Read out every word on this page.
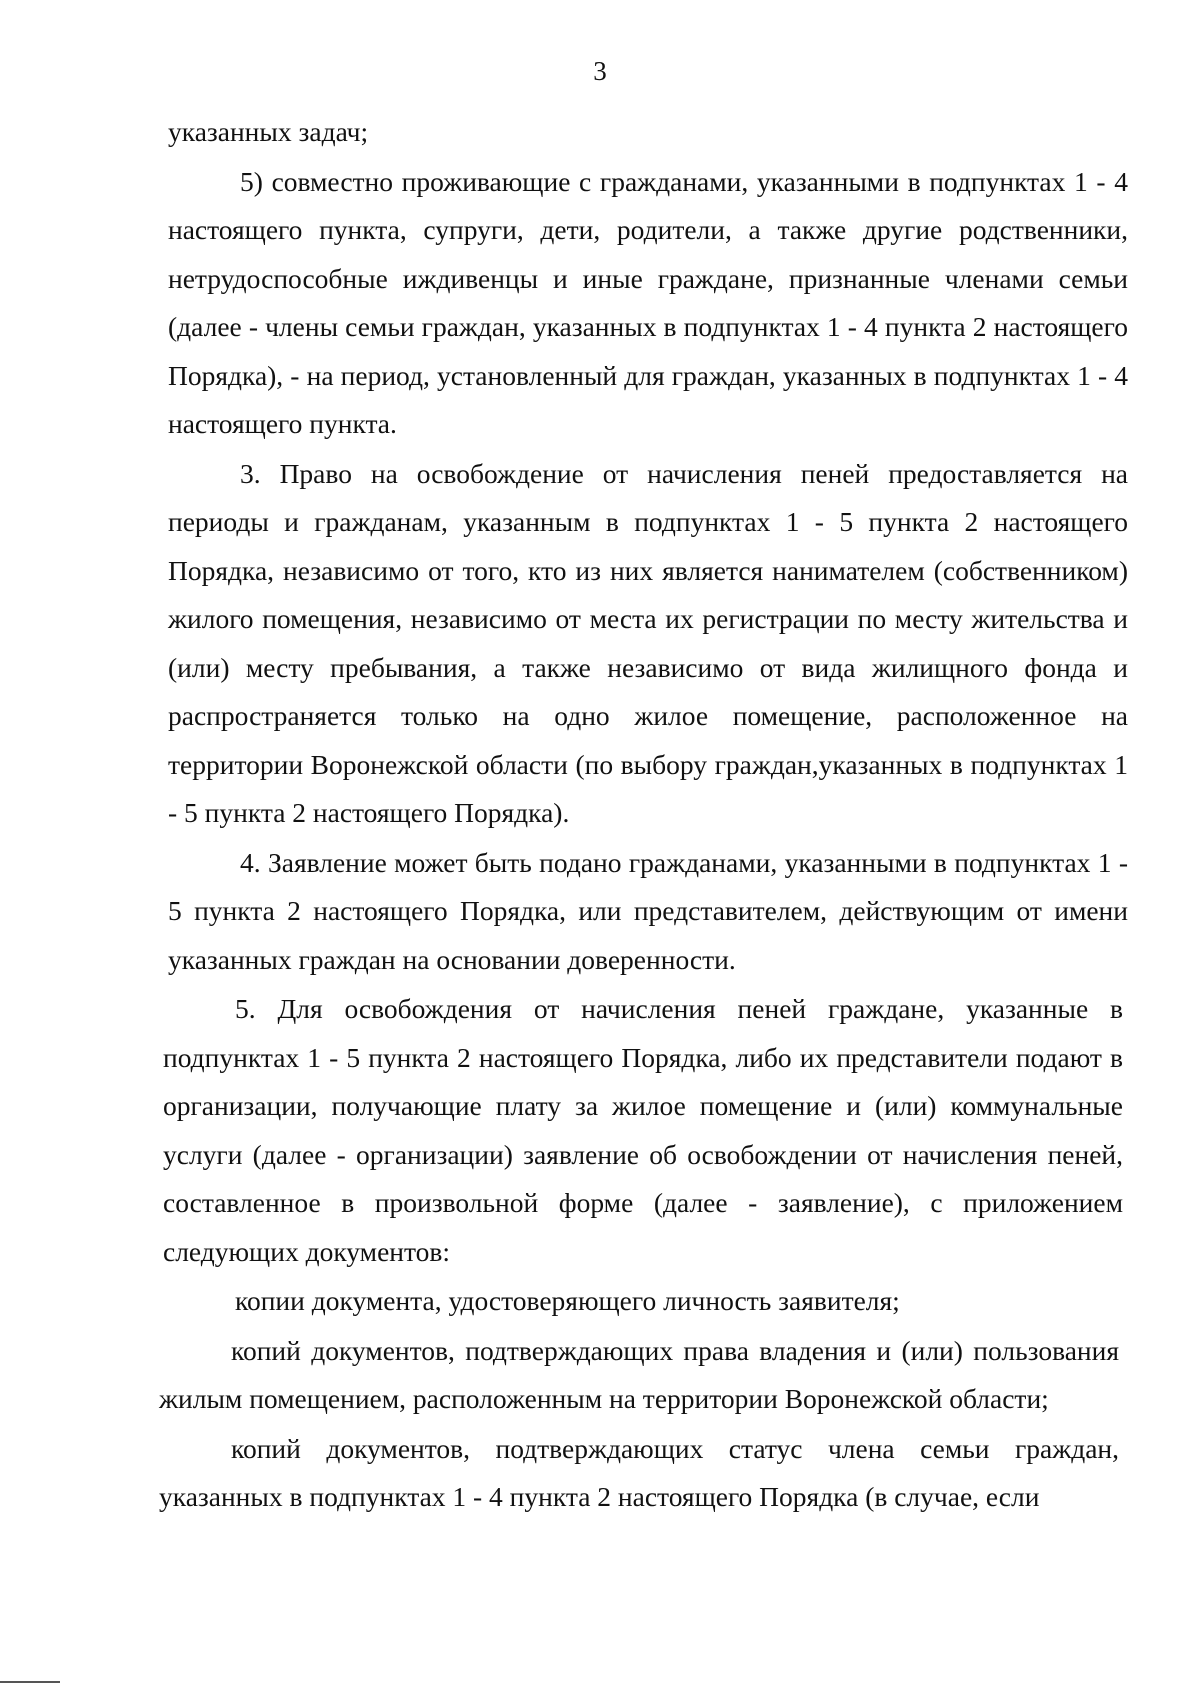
3

указанных задач;

5) совместно проживающие с гражданами, указанными в подпунктах 1 - 4 настоящего пункта, супруги, дети, родители, а также другие родственники, нетрудоспособные иждивенцы и иные граждане, признанные членами семьи (далее - члены семьи граждан, указанных в подпунктах 1 - 4 пункта 2 настоящего Порядка), - на период, установленный для граждан, указанных в подпунктах 1 - 4 настоящего пункта.

3. Право на освобождение от начисления пеней предоставляется на периоды и гражданам, указанным в подпунктах 1 - 5 пункта 2 настоящего Порядка, независимо от того, кто из них является нанимателем (собственником) жилого помещения, независимо от места их регистрации по месту жительства и (или) месту пребывания, а также независимо от вида жилищного фонда и распространяется только на одно жилое помещение, расположенное на территории Воронежской области (по выбору граждан,указанных в подпунктах 1 - 5 пункта 2 настоящего Порядка).

4. Заявление может быть подано гражданами, указанными в подпунктах 1 - 5 пункта 2 настоящего Порядка, или представителем, действующим от имени указанных граждан на основании доверенности.

5. Для освобождения от начисления пеней граждане, указанные в подпунктах 1 - 5 пункта 2 настоящего Порядка, либо их представители подают в организации, получающие плату за жилое помещение и (или) коммунальные услуги (далее - организации) заявление об освобождении от начисления пеней, составленное в произвольной форме (далее - заявление), с приложением следующих документов:

копии документа, удостоверяющего личность заявителя;

копий документов, подтверждающих права владения и (или) пользования жилым помещением, расположенным на территории Воронежской области;

копий документов, подтверждающих статус члена семьи граждан, указанных в подпунктах 1 - 4 пункта 2 настоящего Порядка (в случае, если
